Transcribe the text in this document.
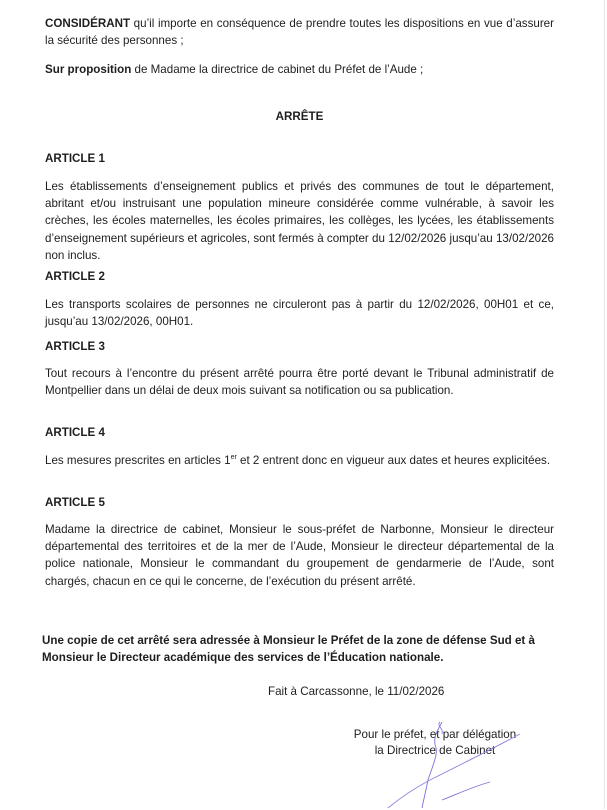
CONSIDÉRANT qu’il importe en conséquence de prendre toutes les dispositions en vue d’assurer la sécurité des personnes ;

Sur proposition de Madame la directrice de cabinet du Préfet de l’Aude ;

ARRÊTE

ARTICLE 1

Les établissements d’enseignement publics et privés des communes de tout le département, abritant et/ou instruisant une population mineure considérée comme vulnérable, à savoir les crèches, les écoles maternelles, les écoles primaires, les collèges, les lycées, les établissements d’enseignement supérieurs et agricoles, sont fermés à compter du 12/02/2026 jusqu’au 13/02/2026 non inclus.

ARTICLE 2

Les transports scolaires de personnes ne circuleront pas à partir du 12/02/2026, 00H01 et ce, jusqu’au 13/02/2026, 00H01.

ARTICLE 3

Tout recours à l’encontre du présent arrêté pourra être porté devant le Tribunal administratif de Montpellier dans un délai de deux mois suivant sa notification ou sa publication.

ARTICLE 4

Les mesures prescrites en articles 1er et 2 entrent donc en vigueur aux dates et heures explicitées.

ARTICLE 5

Madame la directrice de cabinet, Monsieur le sous-préfet de Narbonne, Monsieur le directeur départemental des territoires et de la mer de l’Aude, Monsieur le directeur départemental de la police nationale, Monsieur le commandant du groupement de gendarmerie de l’Aude, sont chargés, chacun en ce qui le concerne, de l’exécution du présent arrêté.

Une copie de cet arrêté sera adressée à Monsieur le Préfet de la zone de défense Sud et à Monsieur le Directeur académique des services de l’Éducation nationale.

Fait à Carcassonne, le 11/02/2026

Pour le préfet, et par délégation
la Directrice de Cabinet
